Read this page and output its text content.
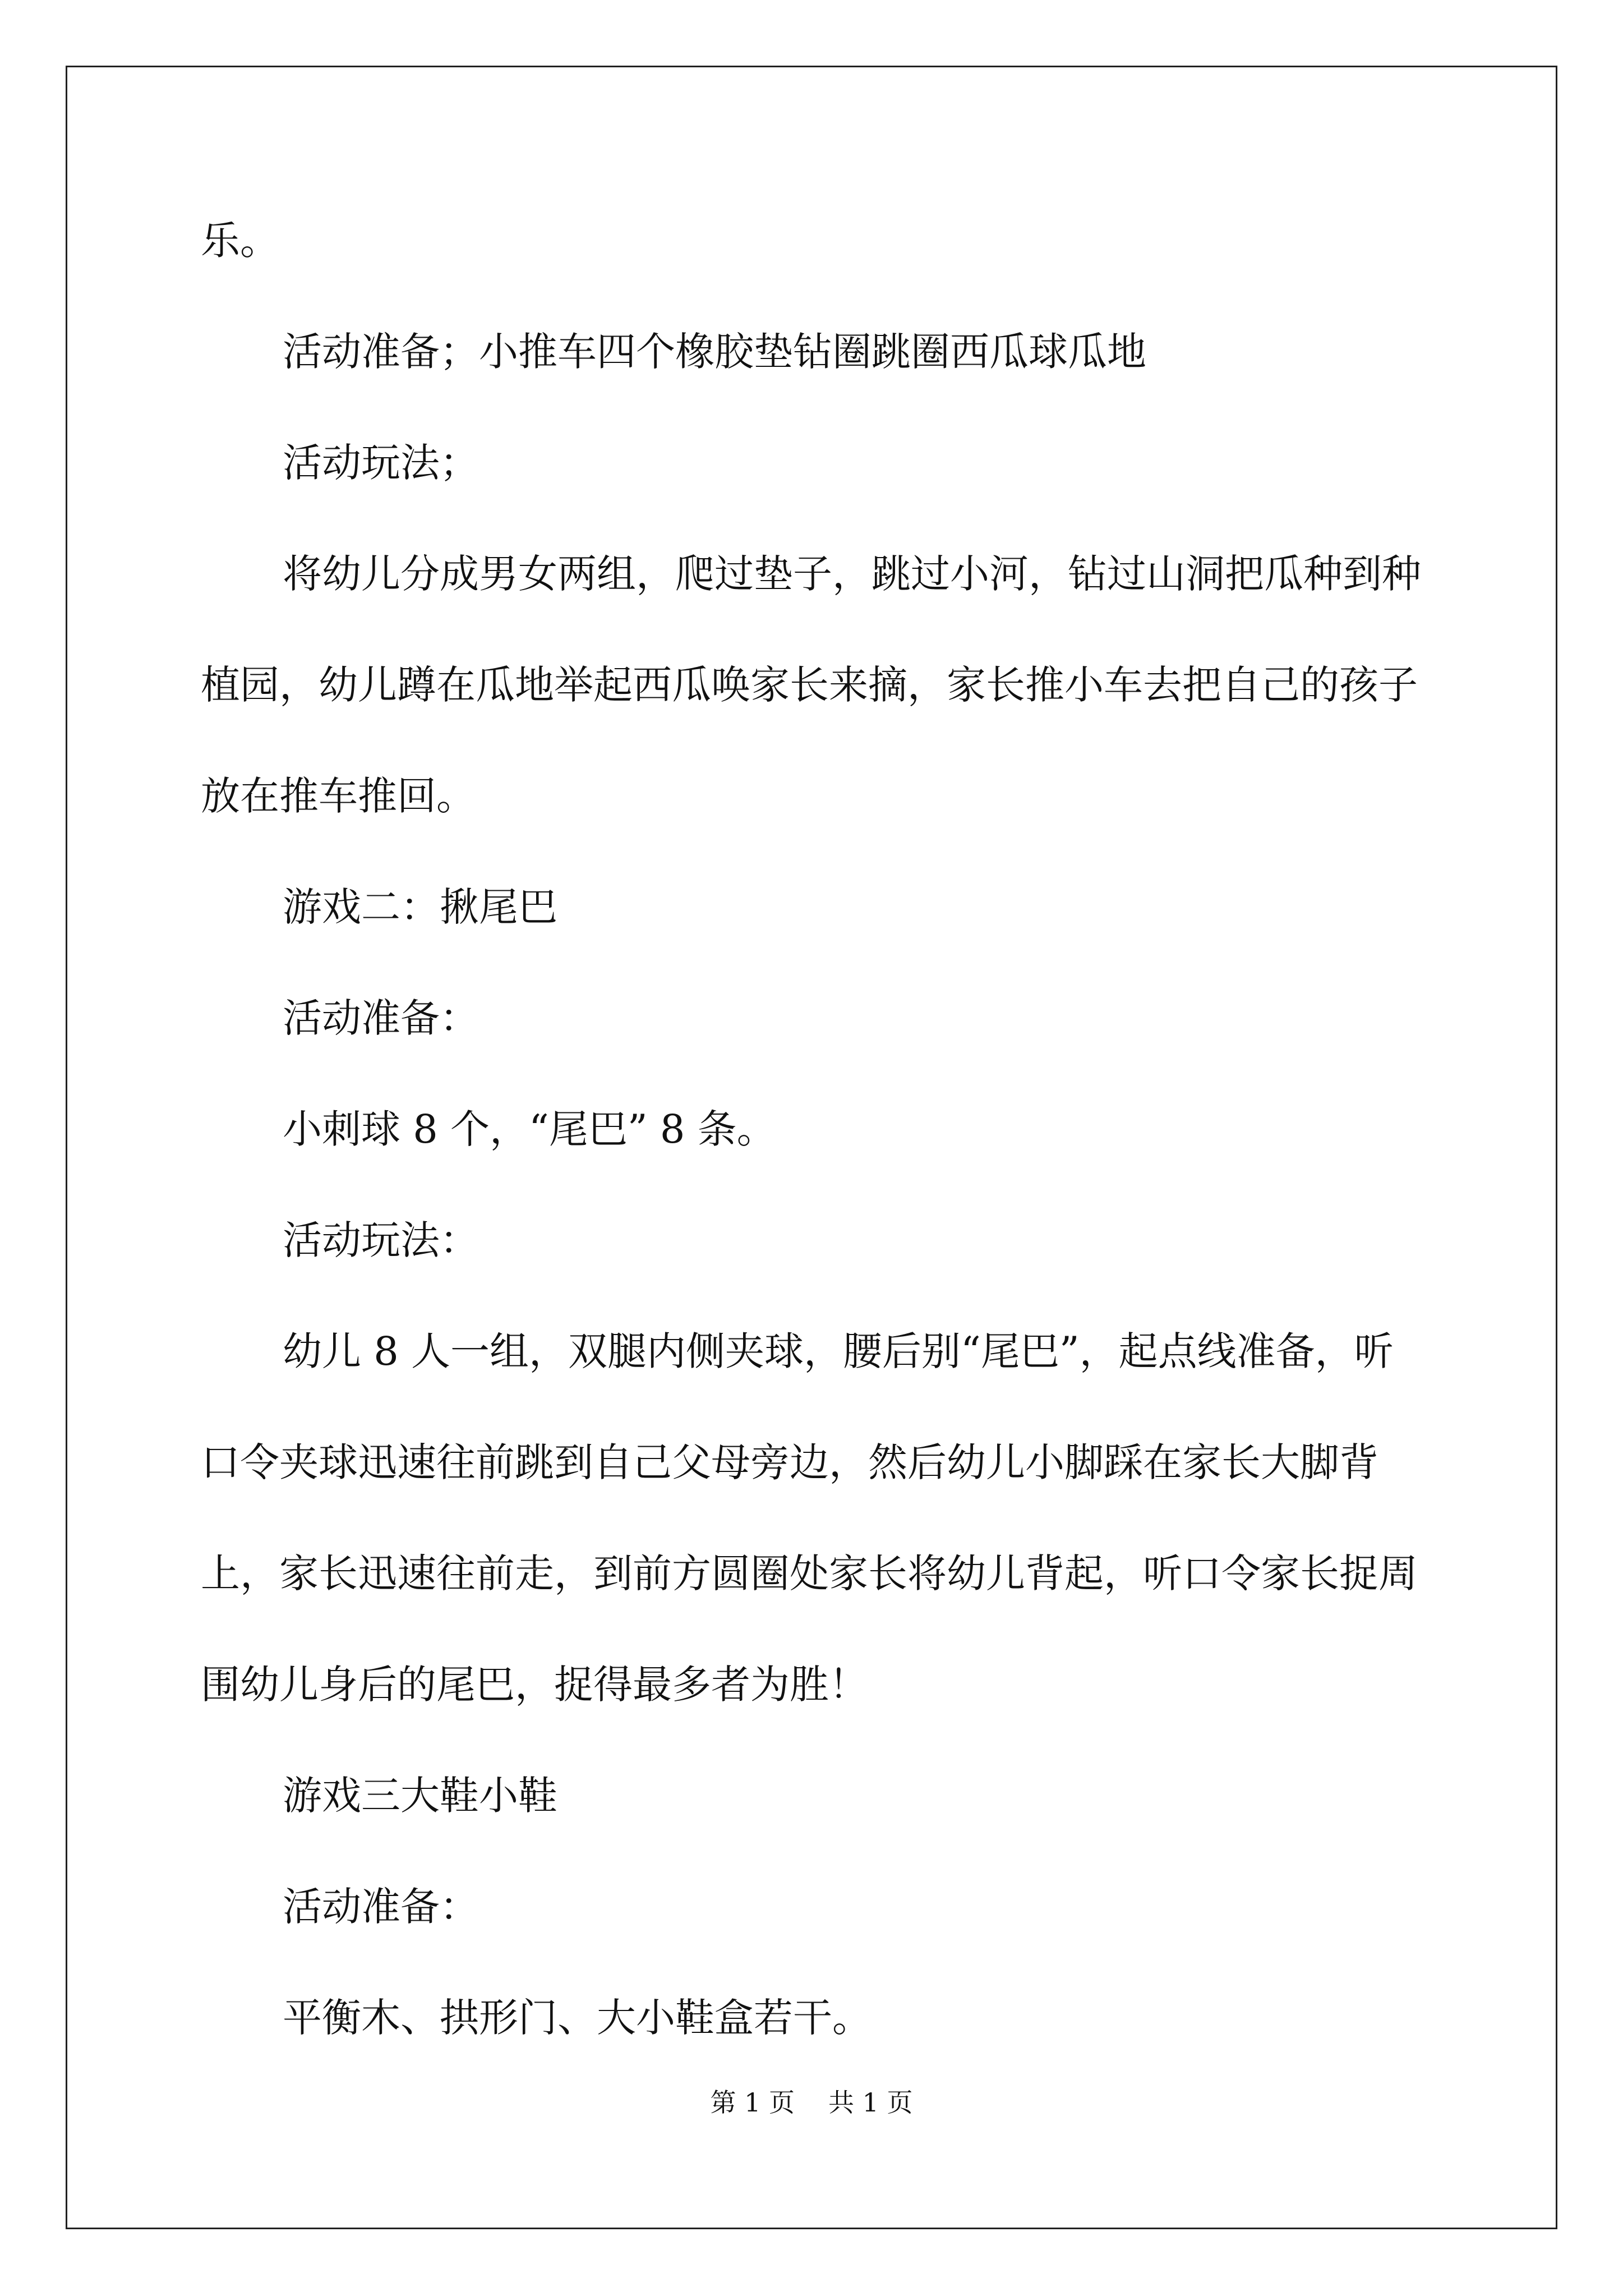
乐。

活动准备；小推车四个橡胶垫钻圈跳圈西瓜球瓜地

活动玩法；

将幼儿分成男女两组，爬过垫子，跳过小河，钻过山洞把瓜种到种植园，幼儿蹲在瓜地举起西瓜唤家长来摘，家长推小车去把自己的孩子放在推车推回。

游戏二：揪尾巴

活动准备：

小刺球 8 个，“尾巴” 8 条。

活动玩法：

幼儿 8 人一组，双腿内侧夹球，腰后别“尾巴”，起点线准备，听口令夹球迅速往前跳到自己父母旁边，然后幼儿小脚踩在家长大脚背上，家长迅速往前走，到前方圆圈处家长将幼儿背起，听口令家长捉周围幼儿身后的尾巴，捉得最多者为胜！

游戏三大鞋小鞋

活动准备：

平衡木、拱形门、大小鞋盒若干。

第 1 页 共 1 页
